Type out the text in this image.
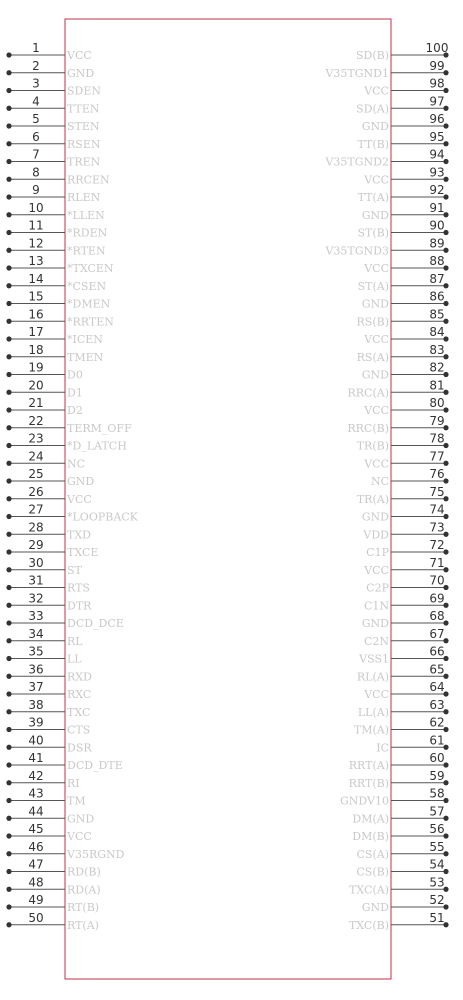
1
VCC
2
GND
3
SDEN
4
TTEN
5
STEN
6
RSEN
7
TREN
8
RRCEN
9
RLEN
10
*LLEN
11
*RDEN
12
*RTEN
13
*TXCEN
14
*CSEN
15
*DMEN
16
*RRTEN
17
*ICEN
18
TMEN
19
D0
20
D1
21
D2
22
TERM_OFF
23
*D_LATCH
24
NC
25
GND
26
VCC
27
*LOOPBACK
28
TXD
29
TXCE
30
ST
31
RTS
32
DTR
33
DCD_DCE
34
RL
35
LL
36
RXD
37
RXC
38
TXC
39
CTS
40
DSR
41
DCD_DTE
42
RI
43
TM
44
GND
45
VCC
46
V35RGND
47
RD(B)
48
RD(A)
49
RT(B)
50
RT(A)
100
SD(B)
99
V35TGND1
98
VCC
97
SD(A)
96
GND
95
TT(B)
94
V35TGND2
93
VCC
92
TT(A)
91
GND
90
ST(B)
89
V35TGND3
88
VCC
87
ST(A)
86
GND
85
RS(B)
84
VCC
83
RS(A)
82
GND
81
RRC(A)
80
VCC
79
RRC(B)
78
TR(B)
77
VCC
76
NC
75
TR(A)
74
GND
73
VDD
72
C1P
71
VCC
70
C2P
69
C1N
68
GND
67
C2N
66
VSS1
65
RL(A)
64
VCC
63
LL(A)
62
TM(A)
61
IC
60
RRT(A)
59
RRT(B)
58
GNDV10
57
DM(A)
56
DM(B)
55
CS(A)
54
CS(B)
53
TXC(A)
52
GND
51
TXC(B)
